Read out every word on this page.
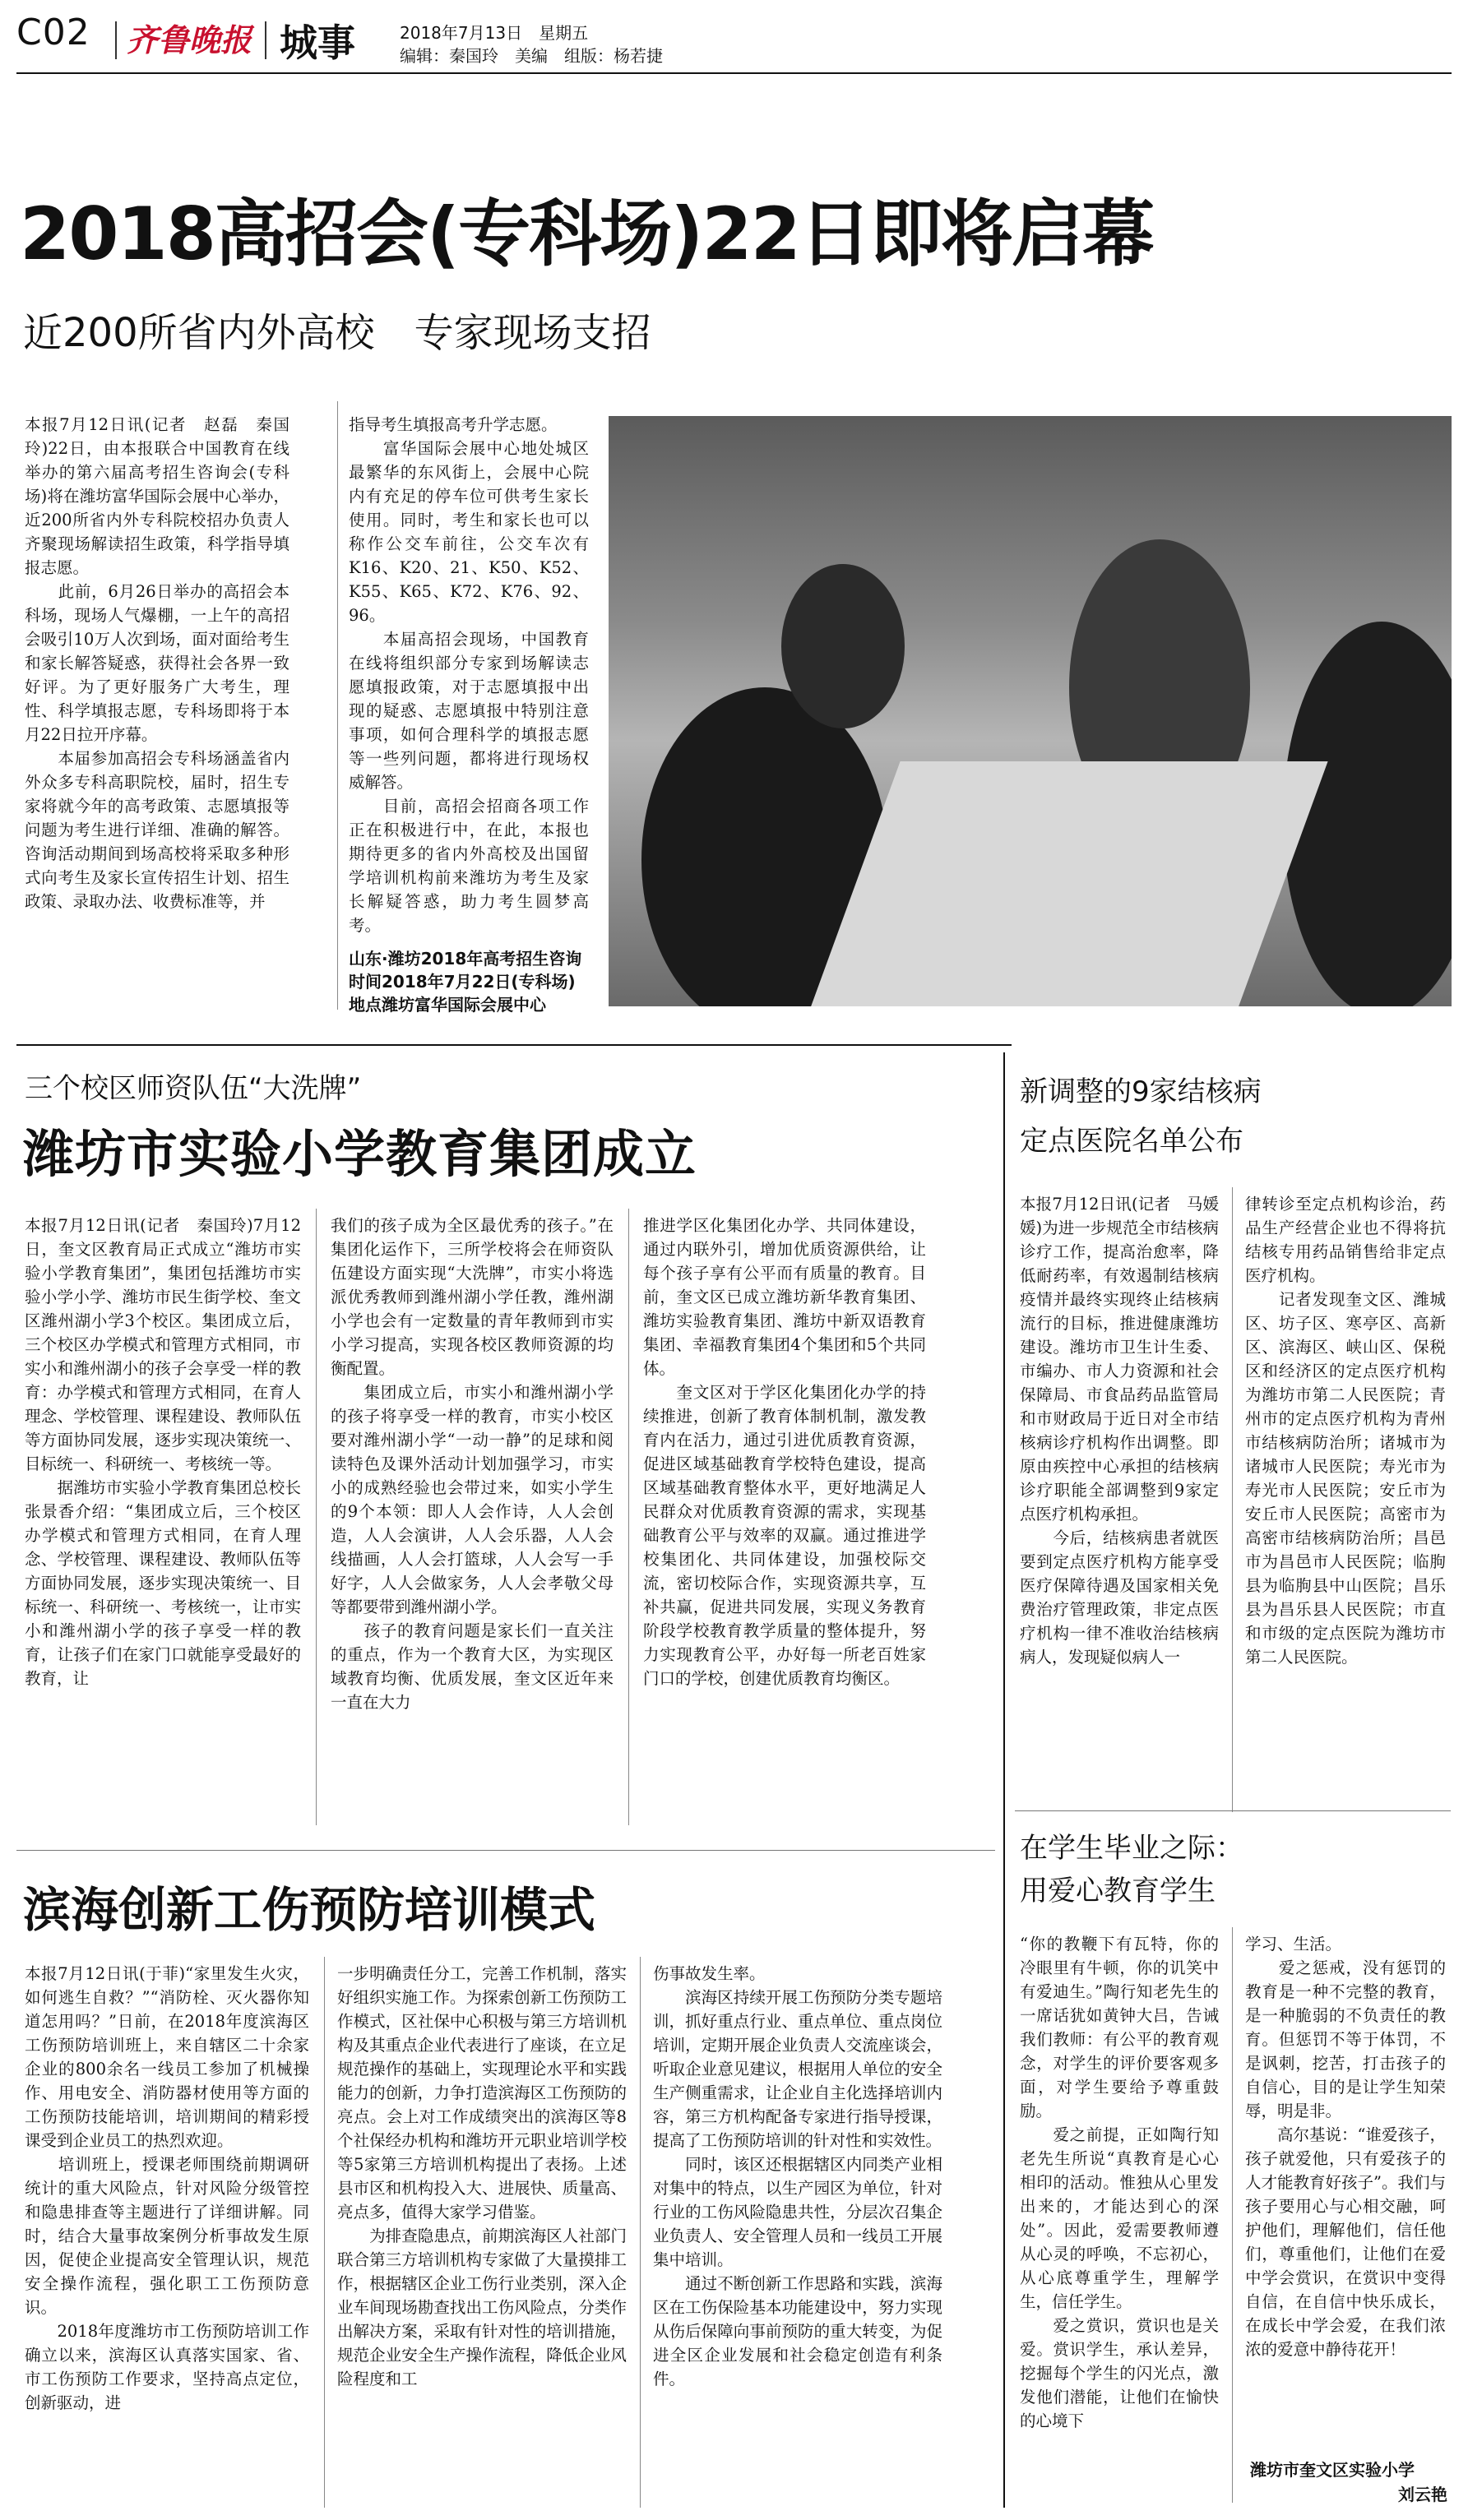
C02 齐鲁晚报 城事	2018年7月13日　星期五
编辑：秦国玲　美编　组版：杨若捷
2018高招会(专科场)22日即将启幕
近200所省内外高校　专家现场支招

本报7月12日讯(记者　赵磊　秦国玲)22日，由本报联合中国教育在线举办的第六届高考招生咨询会(专科场)将在潍坊富华国际会展中心举办，近200所省内外专科院校招办负责人齐聚现场解读招生政策，科学指导填报志愿。
　　此前，6月26日举办的高招会本科场，现场人气爆棚，一上午的高招会吸引10万人次到场，面对面给考生和家长解答疑惑，获得社会各界一致好评。为了更好服务广大考生，理性、科学填报志愿，专科场即将于本月22日拉开序幕。
　　本届参加高招会专科场涵盖省内外众多专科高职院校，届时，招生专家将就今年的高考政策、志愿填报等问题为考生进行详细、准确的解答。咨询活动期间到场高校将采取多种形式向考生及家长宣传招生计划、招生政策、录取办法、收费标准等，并

指导考生填报高考升学志愿。
　　富华国际会展中心地处城区最繁华的东风街上，会展中心院内有充足的停车位可供考生家长使用。同时，考生和家长也可以称作公交车前往，公交车次有K16、K20、21、K50、K52、K55、K65、K72、K76、92、96。
　　本届高招会现场，中国教育在线将组织部分专家到场解读志愿填报政策，对于志愿填报中出现的疑惑、志愿填报中特别注意事项，如何合理科学的填报志愿等一些列问题，都将进行现场权威解答。
　　目前，高招会招商各项工作正在积极进行中，在此，本报也期待更多的省内外高校及出国留学培训机构前来潍坊为考生及家长解疑答惑，助力考生圆梦高考。

山东·潍坊2018年高考招生咨询
时间2018年7月22日(专科场)
地点潍坊富华国际会展中心
三个校区师资队伍“大洗牌”
潍坊市实验小学教育集团成立

本报7月12日讯(记者　秦国玲)7月12日，奎文区教育局正式成立“潍坊市实验小学教育集团”，集团包括潍坊市实验小学小学、潍坊市民生街学校、奎文区潍州湖小学3个校区。集团成立后，三个校区办学模式和管理方式相同，市实小和潍州湖小的孩子会享受一样的教育：办学模式和管理方式相同，在育人理念、学校管理、课程建设、教师队伍等方面协同发展，逐步实现决策统一、目标统一、科研统一、考核统一等。
　　据潍坊市实验小学教育集团总校长张景香介绍：“集团成立后，三个校区办学模式和管理方式相同，在育人理念、学校管理、课程建设、教师队伍等方面协同发展，逐步实现决策统一、目标统一、科研统一、考核统一，让市实小和潍州湖小学的孩子享受一样的教育，让孩子们在家门口就能享受最好的教育，让

我们的孩子成为全区最优秀的孩子。”在集团化运作下，三所学校将会在师资队伍建设方面实现“大洗牌”，市实小将选派优秀教师到潍州湖小学任教，潍州湖小学也会有一定数量的青年教师到市实小学习提高，实现各校区教师资源的均衡配置。
　　集团成立后，市实小和潍州湖小学的孩子将享受一样的教育，市实小校区要对潍州湖小学“一动一静”的足球和阅读特色及课外活动计划加强学习，市实小的成熟经验也会带过来，如实小学生的9个本领：即人人会作诗，人人会创造，人人会演讲，人人会乐器，人人会线描画，人人会打篮球，人人会写一手好字，人人会做家务，人人会孝敬父母等都要带到潍州湖小学。
　　孩子的教育问题是家长们一直关注的重点，作为一个教育大区，为实现区域教育均衡、优质发展，奎文区近年来一直在大力

推进学区化集团化办学、共同体建设，通过内联外引，增加优质资源供给，让每个孩子享有公平而有质量的教育。目前，奎文区已成立潍坊新华教育集团、潍坊实验教育集团、潍坊中新双语教育集团、幸福教育集团4个集团和5个共同体。
　　奎文区对于学区化集团化办学的持续推进，创新了教育体制机制，激发教育内在活力，通过引进优质教育资源，促进区域基础教育学校特色建设，提高区域基础教育整体水平，更好地满足人民群众对优质教育资源的需求，实现基础教育公平与效率的双赢。通过推进学校集团化、共同体建设，加强校际交流，密切校际合作，实现资源共享，互补共赢，促进共同发展，实现义务教育阶段学校教育教学质量的整体提升，努力实现教育公平，办好每一所老百姓家门口的学校，创建优质教育均衡区。

滨海创新工伤预防培训模式

本报7月12日讯(于菲)“家里发生火灾，如何逃生自救？”“消防栓、灭火器你知道怎用吗？”日前，在2018年度滨海区工伤预防培训班上，来自辖区二十余家企业的800余名一线员工参加了机械操作、用电安全、消防器材使用等方面的工伤预防技能培训，培训期间的精彩授课受到企业员工的热烈欢迎。
　　培训班上，授课老师围绕前期调研统计的重大风险点，针对风险分级管控和隐患排查等主题进行了详细讲解。同时，结合大量事故案例分析事故发生原因，促使企业提高安全管理认识，规范安全操作流程，强化职工工伤预防意识。
　　2018年度潍坊市工伤预防培训工作确立以来，滨海区认真落实国家、省、市工伤预防工作要求，坚持高点定位，创新驱动，进

一步明确责任分工，完善工作机制，落实好组织实施工作。为探索创新工伤预防工作模式，区社保中心积极与第三方培训机构及其重点企业代表进行了座谈，在立足规范操作的基础上，实现理论水平和实践能力的创新，力争打造滨海区工伤预防的亮点。会上对工作成绩突出的滨海区等8个社保经办机构和潍坊开元职业培训学校等5家第三方培训机构提出了表扬。上述县市区和机构投入大、进展快、质量高、亮点多，值得大家学习借鉴。
　　为排查隐患点，前期滨海区人社部门联合第三方培训机构专家做了大量摸排工作，根据辖区企业工伤行业类别，深入企业车间现场勘查找出工伤风险点，分类作出解决方案，采取有针对性的培训措施，规范企业安全生产操作流程，降低企业风险程度和工

伤事故发生率。
　　滨海区持续开展工伤预防分类专题培训，抓好重点行业、重点单位、重点岗位培训，定期开展企业负责人交流座谈会，听取企业意见建议，根据用人单位的安全生产侧重需求，让企业自主化选择培训内容，第三方机构配备专家进行指导授课，提高了工伤预防培训的针对性和实效性。
　　同时，该区还根据辖区内同类产业相对集中的特点，以生产园区为单位，针对行业的工伤风险隐患共性，分层次召集企业负责人、安全管理人员和一线员工开展集中培训。
　　通过不断创新工作思路和实践，滨海区在工伤保险基本功能建设中，努力实现从伤后保障向事前预防的重大转变，为促进全区企业发展和社会稳定创造有利条件。

新调整的9家结核病
定点医院名单公布

本报7月12日讯(记者　马媛媛)为进一步规范全市结核病诊疗工作，提高治愈率，降低耐药率，有效遏制结核病疫情并最终实现终止结核病流行的目标，推进健康潍坊建设。潍坊市卫生计生委、市编办、市人力资源和社会保障局、市食品药品监管局和市财政局于近日对全市结核病诊疗机构作出调整。即原由疾控中心承担的结核病诊疗职能全部调整到9家定点医疗机构承担。
　　今后，结核病患者就医要到定点医疗机构方能享受医疗保障待遇及国家相关免费治疗管理政策，非定点医疗机构一律不准收治结核病病人，发现疑似病人一

律转诊至定点机构诊治，药品生产经营企业也不得将抗结核专用药品销售给非定点医疗机构。
　　记者发现奎文区、潍城区、坊子区、寒亭区、高新区、滨海区、峡山区、保税区和经济区的定点医疗机构为潍坊市第二人民医院；青州市的定点医疗机构为青州市结核病防治所；诸城市为诸城市人民医院；寿光市为寿光市人民医院；安丘市为安丘市人民医院；高密市为高密市结核病防治所；昌邑市为昌邑市人民医院；临朐县为临朐县中山医院；昌乐县为昌乐县人民医院；市直和市级的定点医院为潍坊市第二人民医院。

在学生毕业之际：
用爱心教育学生

“你的教鞭下有瓦特，你的冷眼里有牛顿，你的讥笑中有爱迪生。”陶行知老先生的一席话犹如黄钟大吕，告诫我们教师：有公平的教育观念，对学生的评价要客观多面，对学生要给予尊重鼓励。
　　爱之前提，正如陶行知老先生所说“真教育是心心相印的活动。惟独从心里发出来的，才能达到心的深处”。因此，爱需要教师遵从心灵的呼唤，不忘初心，从心底尊重学生，理解学生，信任学生。
　　爱之赏识，赏识也是关爱。赏识学生，承认差异，挖掘每个学生的闪光点，激发他们潜能，让他们在愉快的心境下

学习、生活。
　　爱之惩戒，没有惩罚的教育是一种不完整的教育，是一种脆弱的不负责任的教育。但惩罚不等于体罚，不是讽刺，挖苦，打击孩子的自信心，目的是让学生知荣辱，明是非。
　　高尔基说：“谁爱孩子，孩子就爱他，只有爱孩子的人才能教育好孩子”。我们与孩子要用心与心相交融，呵护他们，理解他们，信任他们，尊重他们，让他们在爱中学会赏识，在赏识中变得自信，在自信中快乐成长，在成长中学会爱，在我们浓浓的爱意中静待花开！

潍坊市奎文区实验小学
刘云艳
